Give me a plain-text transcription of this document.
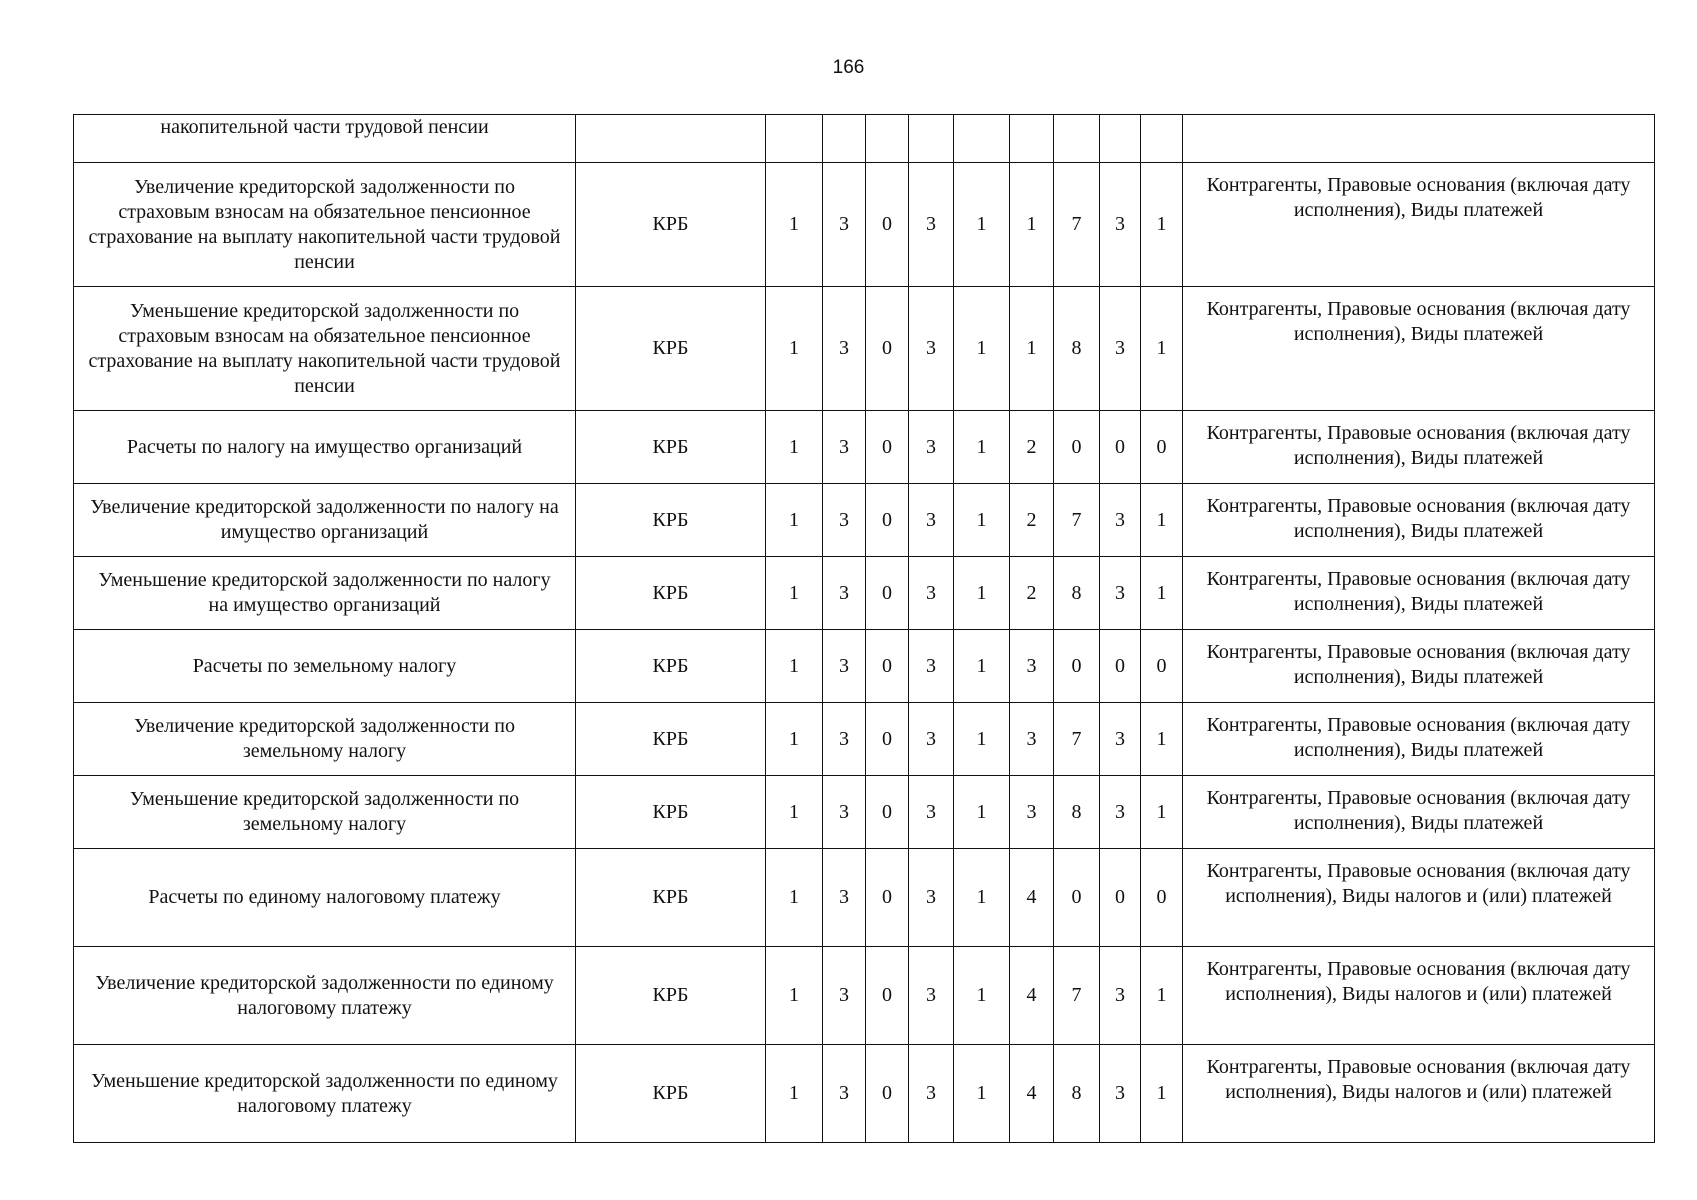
166
накопительной части трудовой пенсии											
Увеличение кредиторской задолженности по страховым взносам на обязательное пенсионное страхование на выплату накопительной части трудовой пенсии	КРБ	1	3	0	3	1	1	7	3	1	Контрагенты, Правовые основания (включая дату исполнения), Виды платежей
Уменьшение кредиторской задолженности по страховым взносам на обязательное пенсионное страхование на выплату накопительной части трудовой пенсии	КРБ	1	3	0	3	1	1	8	3	1	Контрагенты, Правовые основания (включая дату исполнения), Виды платежей
Расчеты по налогу на имущество организаций	КРБ	1	3	0	3	1	2	0	0	0	Контрагенты, Правовые основания (включая дату исполнения), Виды платежей
Увеличение кредиторской задолженности по налогу на имущество организаций	КРБ	1	3	0	3	1	2	7	3	1	Контрагенты, Правовые основания (включая дату исполнения), Виды платежей
Уменьшение кредиторской задолженности по налогу на имущество организаций	КРБ	1	3	0	3	1	2	8	3	1	Контрагенты, Правовые основания (включая дату исполнения), Виды платежей
Расчеты по земельному налогу	КРБ	1	3	0	3	1	3	0	0	0	Контрагенты, Правовые основания (включая дату исполнения), Виды платежей
Увеличение кредиторской задолженности по земельному налогу	КРБ	1	3	0	3	1	3	7	3	1	Контрагенты, Правовые основания (включая дату исполнения), Виды платежей
Уменьшение кредиторской задолженности по земельному налогу	КРБ	1	3	0	3	1	3	8	3	1	Контрагенты, Правовые основания (включая дату исполнения), Виды платежей
Расчеты по единому налоговому платежу	КРБ	1	3	0	3	1	4	0	0	0	Контрагенты, Правовые основания (включая дату исполнения), Виды налогов и (или) платежей
Увеличение кредиторской задолженности по единому налоговому платежу	КРБ	1	3	0	3	1	4	7	3	1	Контрагенты, Правовые основания (включая дату исполнения), Виды налогов и (или) платежей
Уменьшение кредиторской задолженности по единому налоговому платежу	КРБ	1	3	0	3	1	4	8	3	1	Контрагенты, Правовые основания (включая дату исполнения), Виды налогов и (или) платежей
